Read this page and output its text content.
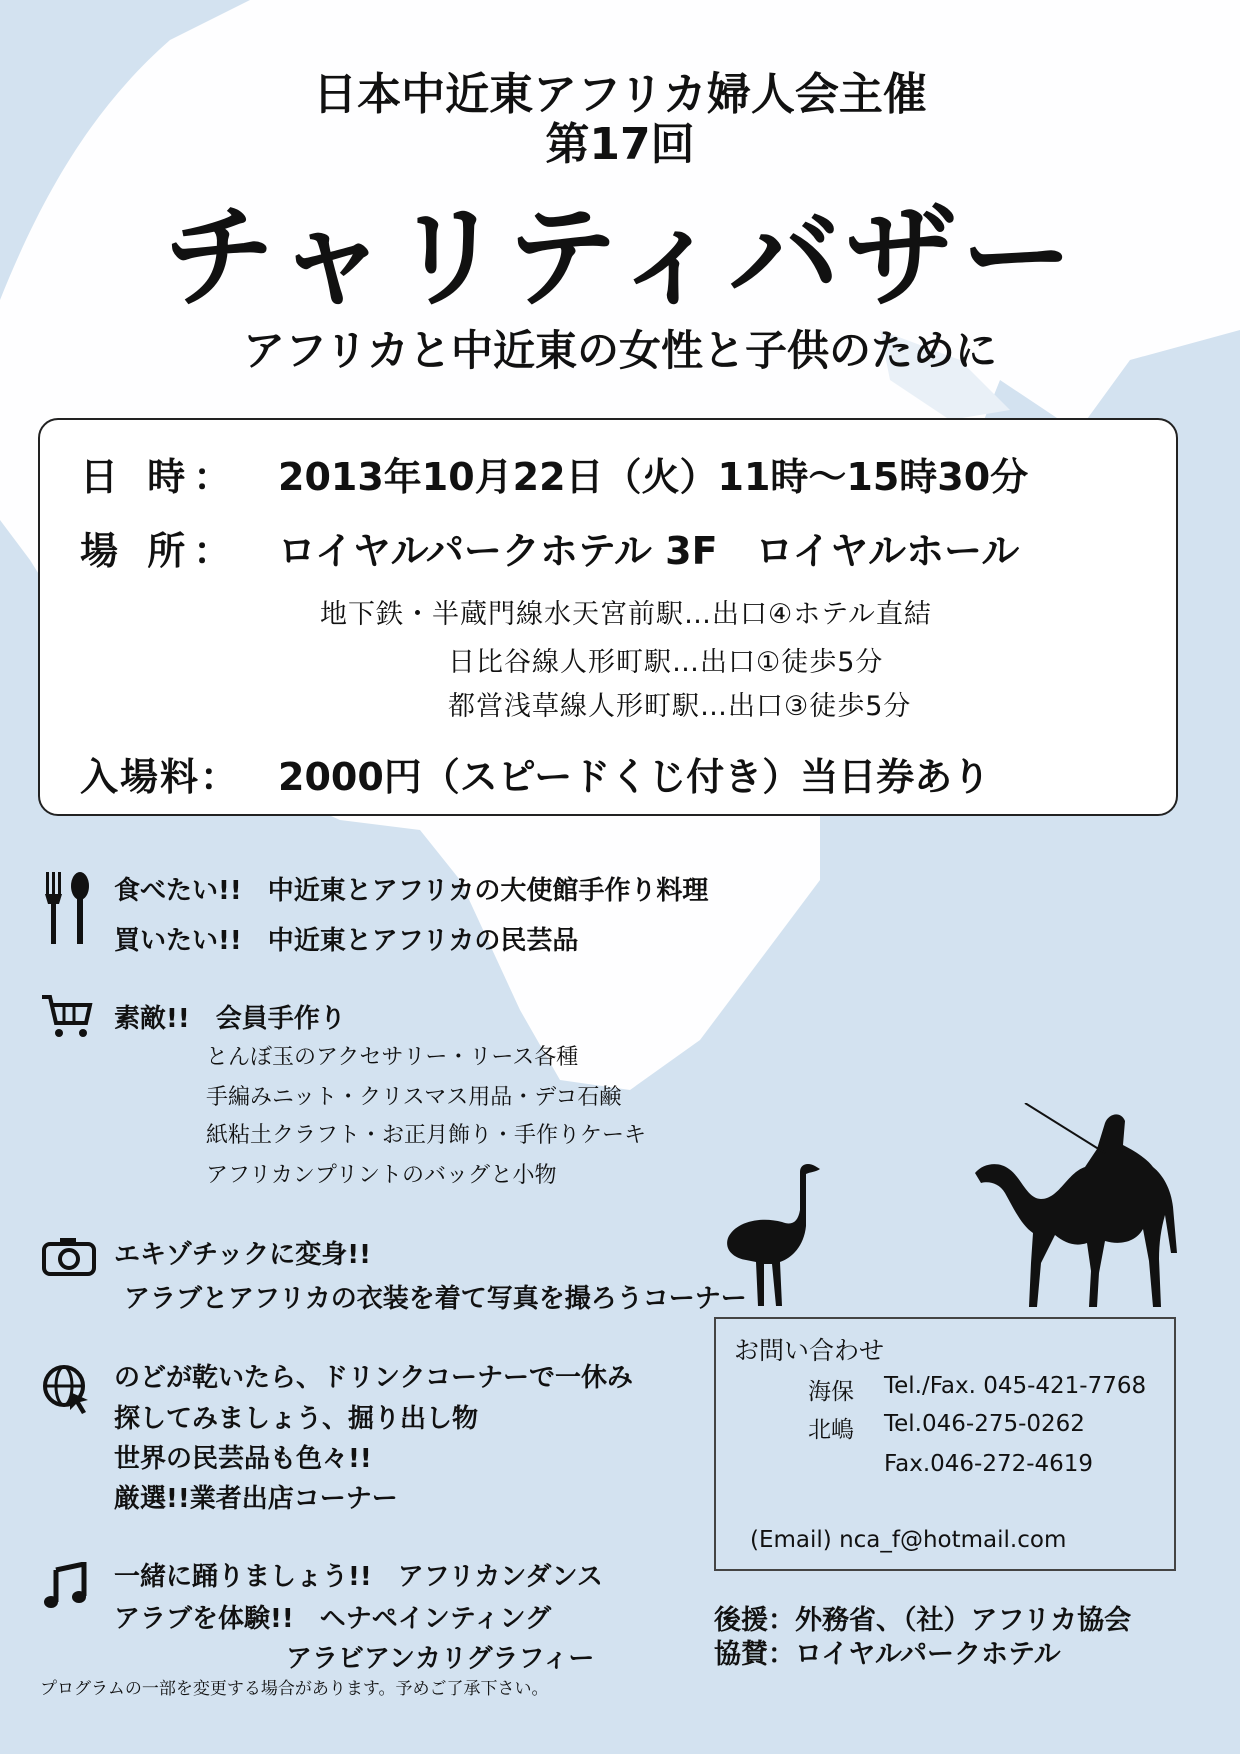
日本中近東アフリカ婦人会主催
第17回
チャリティバザー
アフリカと中近東の女性と子供のために
日 時： 2013年10月22日（火）11時～15時30分
場 所： ロイヤルパークホテル 3F　ロイヤルホール
地下鉄・半蔵門線水天宮前駅…出口④ホテル直結
日比谷線人形町駅…出口①徒歩5分
都営浅草線人形町駅…出口③徒歩5分
入場料： 2000円（スピードくじ付き）当日券あり
食べたい!!　中近東とアフリカの大使館手作り料理
買いたい!!　中近東とアフリカの民芸品
素敵!!　会員手作り
とんぼ玉のアクセサリー・リース各種
手編みニット・クリスマス用品・デコ石鹸
紙粘土クラフト・お正月飾り・手作りケーキ
アフリカンプリントのバッグと小物
エキゾチックに変身!!
アラブとアフリカの衣装を着て写真を撮ろうコーナー
のどが乾いたら、ドリンクコーナーで一休み
探してみましょう、掘り出し物
世界の民芸品も色々!!
厳選!!業者出店コーナー
一緒に踊りましょう!!　アフリカンダンス
アラブを体験!!　ヘナペインティング
アラビアンカリグラフィー
お問い合わせ
海保 Tel./Fax. 045-421-7768
北嶋 Tel.046-275-0262
Fax.046-272-4619
(Email) nca_f@hotmail.com
後援：外務省、（社）アフリカ協会
協賛：ロイヤルパークホテル
プログラムの一部を変更する場合があります。予めご了承下さい。
